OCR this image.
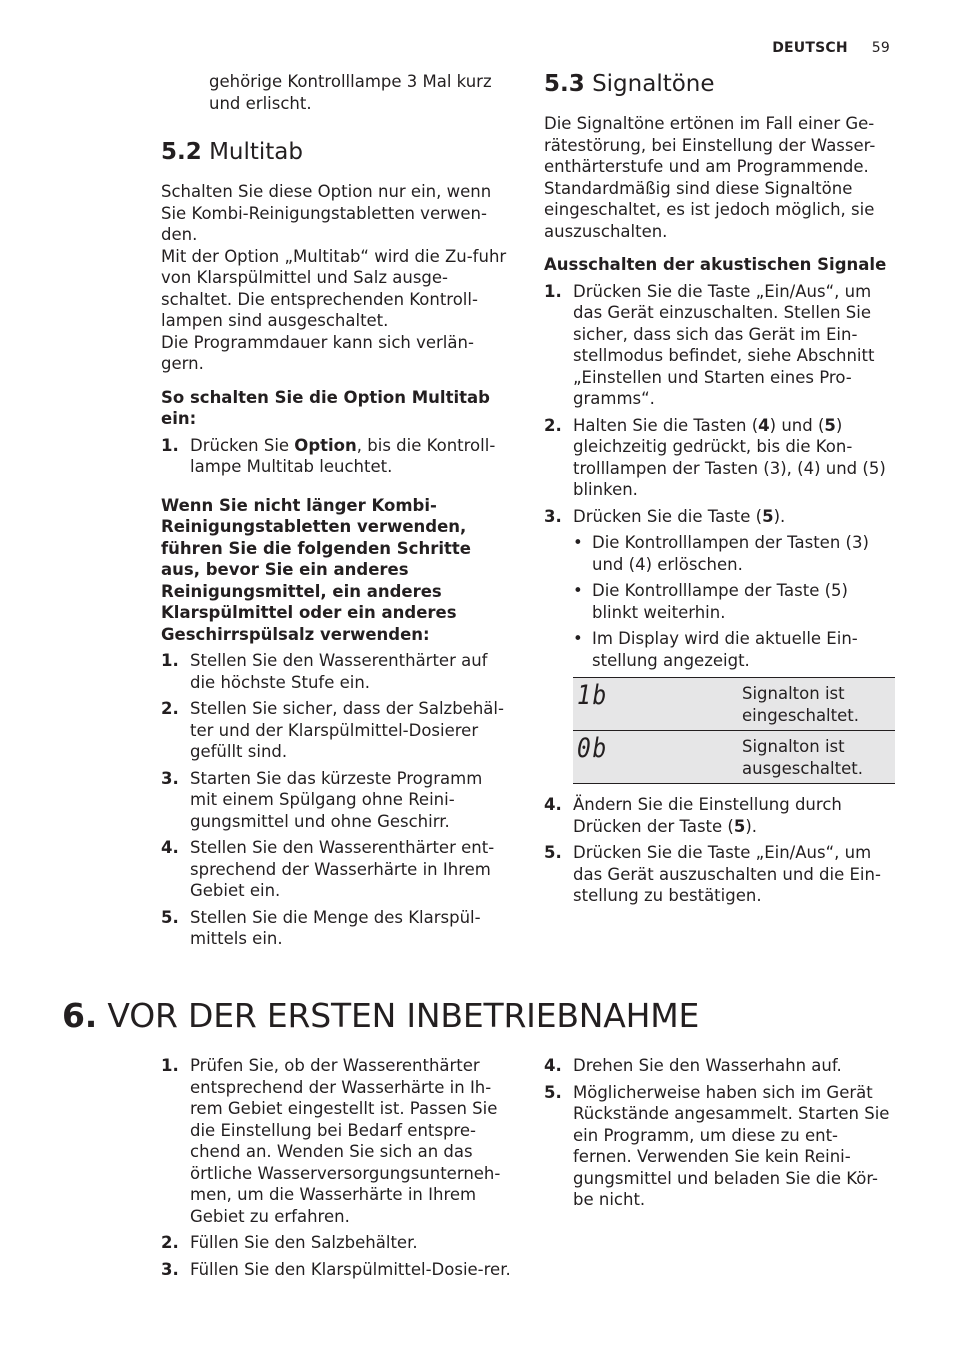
DEUTSCH 59

gehörige Kontrolllampe 3 Mal kurz und erlischt.

5.2 Multitab

Schalten Sie diese Option nur ein, wenn Sie Kombi-Reinigungstabletten verwen-den.

Mit der Option „Multitab“ wird die Zu-fuhr von Klarspülmittel und Salz ausge-schaltet. Die entsprechenden Kontroll-lampen sind ausgeschaltet.

Die Programmdauer kann sich verlän-gern.

So schalten Sie die Option Multitab ein:

1. Drücken Sie Option, bis die Kontroll-lampe Multitab leuchtet.

Wenn Sie nicht länger Kombi-Reinigungstabletten verwenden, führen Sie die folgenden Schritte aus, bevor Sie ein anderes Reinigungsmittel, ein anderes Klarspülmittel oder ein anderes Geschirrspülsalz verwenden:

1. Stellen Sie den Wasserenthärter auf die höchste Stufe ein.
2. Stellen Sie sicher, dass der Salzbehäl-ter und der Klarspülmittel-Dosierer gefüllt sind.
3. Starten Sie das kürzeste Programm mit einem Spülgang ohne Reini-gungsmittel und ohne Geschirr.
4. Stellen Sie den Wasserenthärter ent-sprechend der Wasserhärte in Ihrem Gebiet ein.
5. Stellen Sie die Menge des Klarspül-mittels ein.
5.3 Signaltöne

Die Signaltöne ertönen im Fall einer Ge-rätestörung, bei Einstellung der Wasser-enthärterstufe und am Programmende. Standardmäßig sind diese Signaltöne eingeschaltet, es ist jedoch möglich, sie auszuschalten.

Ausschalten der akustischen Signale

1. Drücken Sie die Taste „Ein/Aus“, um das Gerät einzuschalten. Stellen Sie sicher, dass sich das Gerät im Ein-stellmodus befindet, siehe Abschnitt „Einstellen und Starten eines Pro-gramms“.
2. Halten Sie die Tasten (4) und (5) gleichzeitig gedrückt, bis die Kon-trolllampen der Tasten (3), (4) und (5) blinken.
3. Drücken Sie die Taste (5).
• Die Kontrolllampen der Tasten (3) und (4) erlöschen.
• Die Kontrolllampe der Taste (5) blinkt weiterhin.
• Im Display wird die aktuelle Ein-stellung angezeigt.
1b	Signalton ist eingeschaltet.
0b	Signalton ist ausgeschaltet.
4. Ändern Sie die Einstellung durch Drücken der Taste (5).
5. Drücken Sie die Taste „Ein/Aus“, um das Gerät auszuschalten und die Ein-stellung zu bestätigen.
6. VOR DER ERSTEN INBETRIEBNAHME
1. Prüfen Sie, ob der Wasserenthärter entsprechend der Wasserhärte in Ih-rem Gebiet eingestellt ist. Passen Sie die Einstellung bei Bedarf entspre-chend an. Wenden Sie sich an das örtliche Wasserversorgungsunterneh-men, um die Wasserhärte in Ihrem Gebiet zu erfahren.
2. Füllen Sie den Salzbehälter.
3. Füllen Sie den Klarspülmittel-Dosie-rer.
4. Drehen Sie den Wasserhahn auf.
5. Möglicherweise haben sich im Gerät Rückstände angesammelt. Starten Sie ein Programm, um diese zu ent-fernen. Verwenden Sie kein Reini-gungsmittel und beladen Sie die Kör-be nicht.
